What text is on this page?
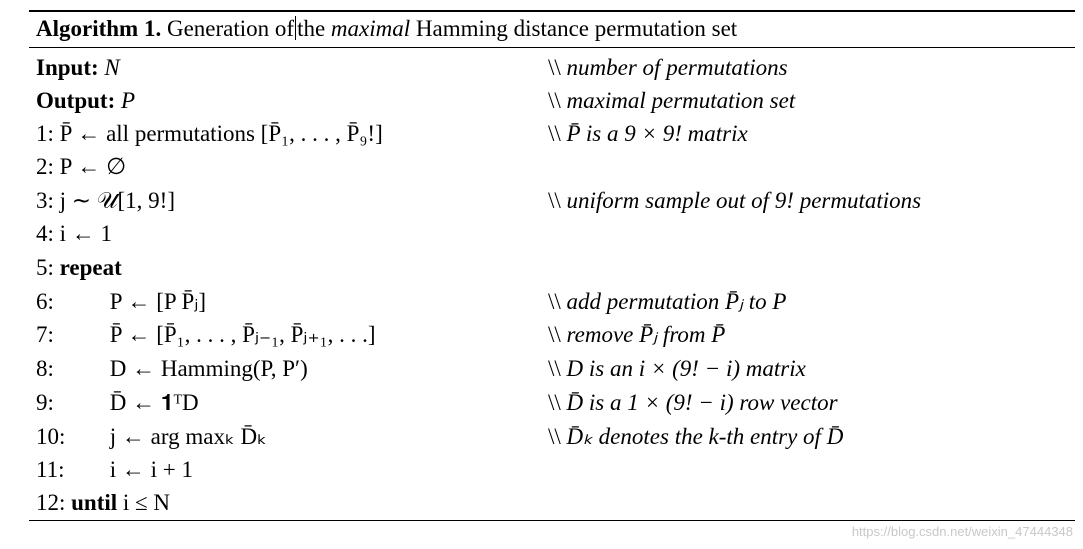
Algorithm 1. Generation of the maximal Hamming distance permutation set
Input: N	\\ number of permutations
Output: P	\\ maximal permutation set
1: P̄ ← all permutations [P̄₁, . . . , P̄₉!]	\\ P̄ is a 9 × 9! matrix
2: P ← ∅
3: j ∼ 𝒰[1, 9!]	\\ uniform sample out of 9! permutations
4: i ← 1
5: repeat
6: P ← [P P̄ⱼ]	\\ add permutation P̄ⱼ to P
7: P̄ ← [P̄₁, . . . , P̄ⱼ₋₁, P̄ⱼ₊₁, . . .]	\\ remove P̄ⱼ from P̄
8: D ← Hamming(P, P′)	\\ D is an i × (9! − i) matrix
9: D̄ ← 𝟏ᵀD	\\ D̄ is a 1 × (9! − i) row vector
10: j ← arg maxₖ D̄ₖ	\\ D̄ₖ denotes the k-th entry of D̄
11: i ← i + 1
12: until i ≤ N
https://blog.csdn.net/weixin_47444348
